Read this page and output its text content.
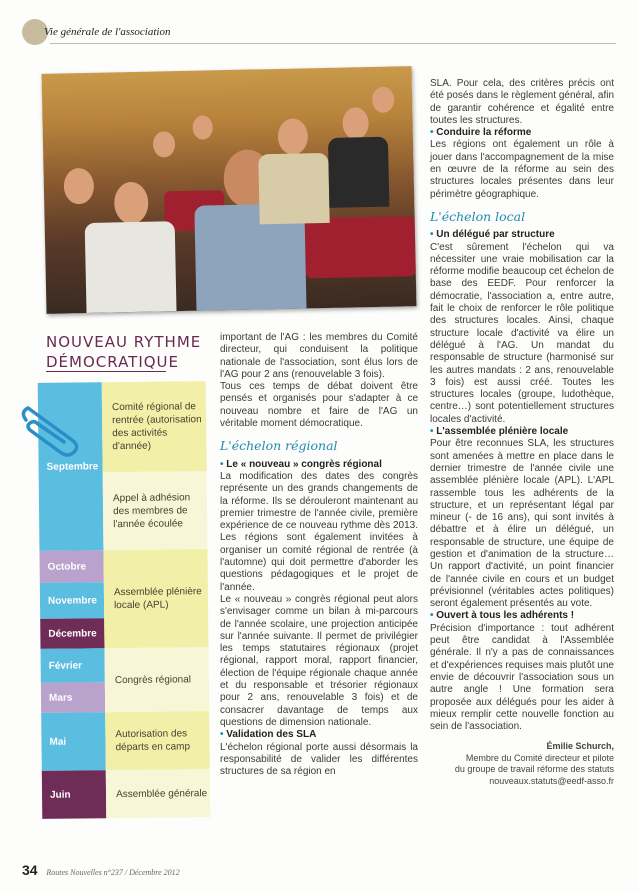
Vie générale de l'association
NOUVEAU RYTHME
DÉMOCRATIQUE
Septembre
Comité régional de rentrée (autorisation des activités d'année)
Appel à adhésion des membres de l'année écoulée
Octobre
Novembre
Décembre
Assemblée plénière locale (APL)
Février
Mars
Congrès régional
Mai
Autorisation des départs en camp
Juin	Assemblée générale

important de l'AG : les membres du Comité directeur, qui conduisent la politique nationale de l'association, sont élus lors de l'AG pour 2 ans (renouvelable 3 fois).

Tous ces temps de débat doivent être pensés et organisés pour s'adapter à ce nouveau nombre et faire de l'AG un véritable moment démocratique.

L'échelon régional

• Le « nouveau » congrès régional

La modification des dates des congrès représente un des grands changements de la réforme. Ils se dérouleront maintenant au premier trimestre de l'année civile, première expérience de ce nouveau rythme dès 2013. Les régions sont également invitées à organiser un comité régional de rentrée (à l'automne) qui doit permettre d'aborder les questions pédagogiques et le projet de l'année.

Le « nouveau » congrès régional peut alors s'envisager comme un bilan à mi-parcours de l'année scolaire, une projection anticipée sur l'année suivante. Il permet de privilégier les temps statutaires régionaux (projet régional, rapport moral, rapport financier, élection de l'équipe régionale chaque année et du responsable et trésorier régionaux pour 2 ans, renouvelable 3 fois) et de consacrer davantage de temps aux questions de dimension nationale.

• Validation des SLA

L'échelon régional porte aussi désormais la responsabilité de valider les différentes structures de sa région en

SLA. Pour cela, des critères précis ont été posés dans le règlement général, afin de garantir cohérence et égalité entre toutes les structures.

• Conduire la réforme

Les régions ont également un rôle à jouer dans l'accompagnement de la mise en œuvre de la réforme au sein des structures locales présentes dans leur périmètre géographique.

L'échelon local

• Un délégué par structure

C'est sûrement l'échelon qui va nécessiter une vraie mobilisation car la réforme modifie beaucoup cet échelon de base des EEDF. Pour renforcer la démocratie, l'association a, entre autre, fait le choix de renforcer le rôle politique des structures locales. Ainsi, chaque structure locale d'activité va élire un délégué à l'AG. Un mandat du responsable de structure (harmonisé sur les autres mandats : 2 ans, renouvelable 3 fois) est aussi créé. Toutes les structures locales (groupe, ludothèque, centre…) sont potentiellement structures locales d'activité.

• L'assemblée plénière locale

Pour être reconnues SLA, les structures sont amenées à mettre en place dans le dernier trimestre de l'année civile une assemblée plénière locale (APL). L'APL rassemble tous les adhérents de la structure, et un représentant légal par mineur (- de 16 ans), qui sont invités à débattre et à élire un délégué, un responsable de structure, une équipe de gestion et d'animation de la structure… Un rapport d'activité, un point financier de l'année civile en cours et un budget prévisionnel (véritables actes politiques) seront également présentés au vote.

• Ouvert à tous les adhérents !

Précision d'importance : tout adhérent peut être candidat à l'Assemblée générale. Il n'y a pas de connaissances et d'expériences requises mais plutôt une envie de découvrir l'association sous un autre angle ! Une formation sera proposée aux délégués pour les aider à mieux remplir cette nouvelle fonction au sein de l'association.

Émilie Schurch,
Membre du Comité directeur et pilote
du groupe de travail réforme des statuts
nouveaux.statuts@eedf-asso.fr
34 Routes Nouvelles n°237 / Décembre 2012
